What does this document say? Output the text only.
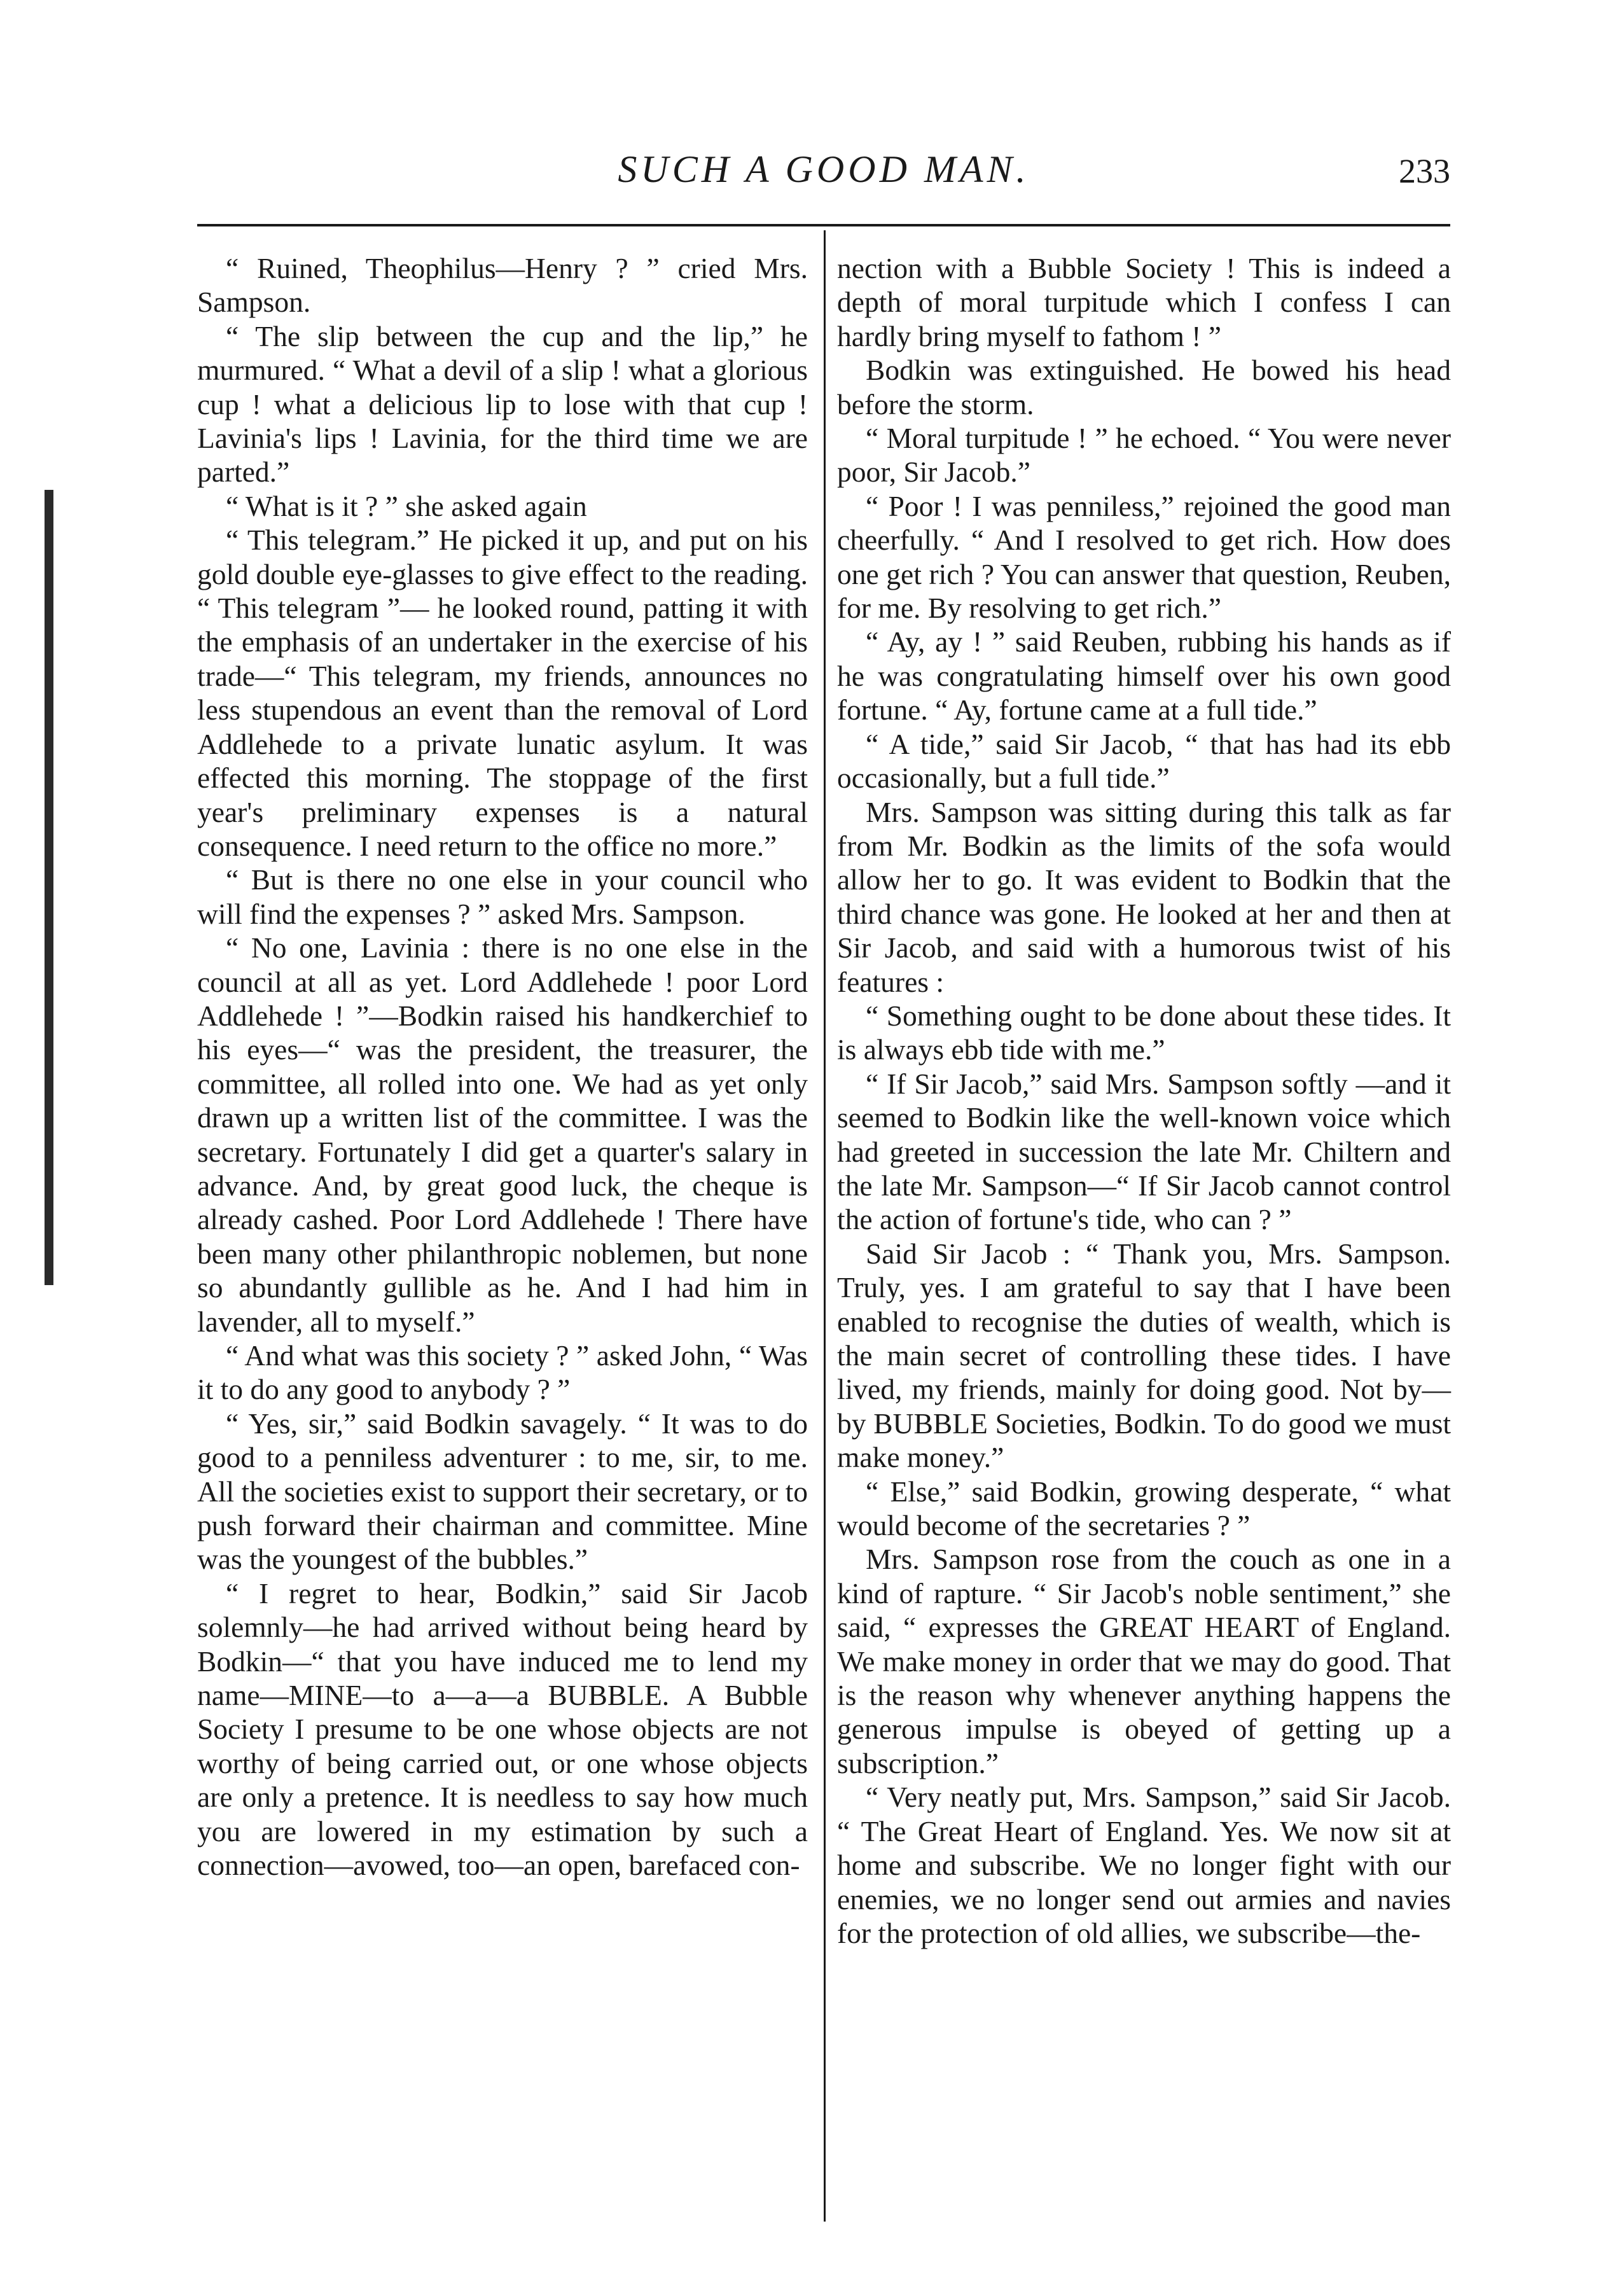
SUCH A GOOD MAN.	233

“ Ruined, Theophilus—Henry ? ” cried Mrs. Sampson.

“ The slip between the cup and the lip,” he murmured. “ What a devil of a slip ! what a glorious cup ! what a delicious lip to lose with that cup ! Lavinia's lips ! Lavinia, for the third time we are parted.”

“ What is it ? ” she asked again

“ This telegram.” He picked it up, and put on his gold double eye-glasses to give effect to the reading. “ This telegram ”— he looked round, patting it with the emphasis of an undertaker in the exercise of his trade—“ This telegram, my friends, announces no less stupendous an event than the removal of Lord Addlehede to a private lunatic asylum. It was effected this morning. The stoppage of the first year's preliminary expenses is a natural consequence. I need return to the office no more.”

“ But is there no one else in your council who will find the expenses ? ” asked Mrs. Sampson.

“ No one, Lavinia : there is no one else in the council at all as yet. Lord Addlehede ! poor Lord Addlehede ! ”—Bodkin raised his handkerchief to his eyes—“ was the president, the treasurer, the committee, all rolled into one. We had as yet only drawn up a written list of the committee. I was the secretary. Fortunately I did get a quarter's salary in advance. And, by great good luck, the cheque is already cashed. Poor Lord Addlehede ! There have been many other philanthropic noblemen, but none so abundantly gullible as he. And I had him in lavender, all to myself.”

“ And what was this society ? ” asked John, “ Was it to do any good to anybody ? ”

“ Yes, sir,” said Bodkin savagely. “ It was to do good to a penniless adventurer : to me, sir, to me. All the societies exist to support their secretary, or to push forward their chairman and committee. Mine was the youngest of the bubbles.”

“ I regret to hear, Bodkin,” said Sir Jacob solemnly—he had arrived without being heard by Bodkin—“ that you have induced me to lend my name—MINE—to a—a—a BUBBLE. A Bubble Society I presume to be one whose objects are not worthy of being carried out, or one whose objects are only a pretence. It is needless to say how much you are lowered in my estimation by such a connection—avowed, too—an open, barefaced con-

nection with a Bubble Society ! This is indeed a depth of moral turpitude which I confess I can hardly bring myself to fathom ! ”

Bodkin was extinguished. He bowed his head before the storm.

“ Moral turpitude ! ” he echoed. “ You were never poor, Sir Jacob.”

“ Poor ! I was penniless,” rejoined the good man cheerfully. “ And I resolved to get rich. How does one get rich ? You can answer that question, Reuben, for me. By resolving to get rich.”

“ Ay, ay ! ” said Reuben, rubbing his hands as if he was congratulating himself over his own good fortune. “ Ay, fortune came at a full tide.”

“ A tide,” said Sir Jacob, “ that has had its ebb occasionally, but a full tide.”

Mrs. Sampson was sitting during this talk as far from Mr. Bodkin as the limits of the sofa would allow her to go. It was evident to Bodkin that the third chance was gone. He looked at her and then at Sir Jacob, and said with a humorous twist of his features :

“ Something ought to be done about these tides. It is always ebb tide with me.”

“ If Sir Jacob,” said Mrs. Sampson softly —and it seemed to Bodkin like the well-known voice which had greeted in succession the late Mr. Chiltern and the late Mr. Sampson—“ If Sir Jacob cannot control the action of fortune's tide, who can ? ”

Said Sir Jacob : “ Thank you, Mrs. Sampson. Truly, yes. I am grateful to say that I have been enabled to recognise the duties of wealth, which is the main secret of controlling these tides. I have lived, my friends, mainly for doing good. Not by—by BUBBLE Societies, Bodkin. To do good we must make money.”

“ Else,” said Bodkin, growing desperate, “ what would become of the secretaries ? ”

Mrs. Sampson rose from the couch as one in a kind of rapture. “ Sir Jacob's noble sentiment,” she said, “ expresses the GREAT HEART of England. We make money in order that we may do good. That is the reason why whenever anything happens the generous impulse is obeyed of getting up a subscription.”

“ Very neatly put, Mrs. Sampson,” said Sir Jacob. “ The Great Heart of England. Yes. We now sit at home and subscribe. We no longer fight with our enemies, we no longer send out armies and navies for the protection of old allies, we subscribe—the-
